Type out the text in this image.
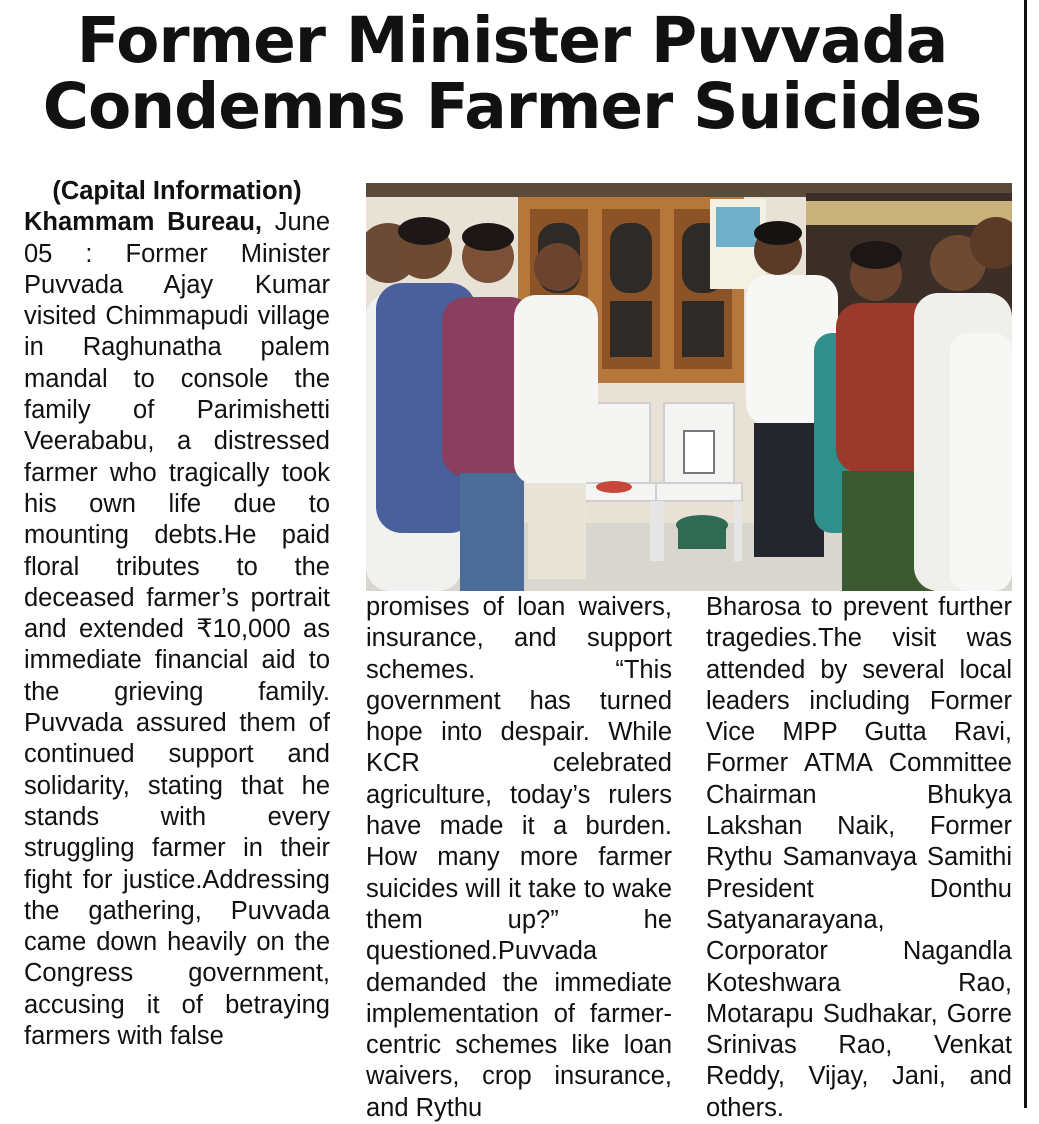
Former Minister Puvvada
Condemns Farmer Suicides

(Capital Information)

Khammam Bureau, June 05 : Former Minister Puvvada Ajay Kumar visited Chimmapudi village in Raghunatha palem mandal to console the family of Parimishetti Veerababu, a distressed farmer who tragically took his own life due to mounting debts.He paid floral tributes to the deceased farmer’s portrait and extended ₹10,000 as immediate financial aid to the grieving family. Puvvada assured them of continued support and solidarity, stating that he stands with every struggling farmer in their fight for justice.Addressing the gathering, Puvvada came down heavily on the Congress government, accusing it of betraying farmers with false

promises of loan waivers, insurance, and support schemes. “This government has turned hope into despair. While KCR celebrated agriculture, today’s rulers have made it a burden. How many more farmer suicides will it take to wake them up?” he questioned.Puvvada demanded the immediate implementation of farmer-centric schemes like loan waivers, crop insurance, and Rythu

Bharosa to prevent further tragedies.The visit was attended by several local leaders including Former Vice MPP Gutta Ravi, Former ATMA Committee Chairman Bhukya Lakshan Naik, Former Rythu Samanvaya Samithi President Donthu Satyanarayana, Corporator Nagandla Koteshwara Rao, Motarapu Sudhakar, Gorre Srinivas Rao, Venkat Reddy, Vijay, Jani, and others.
